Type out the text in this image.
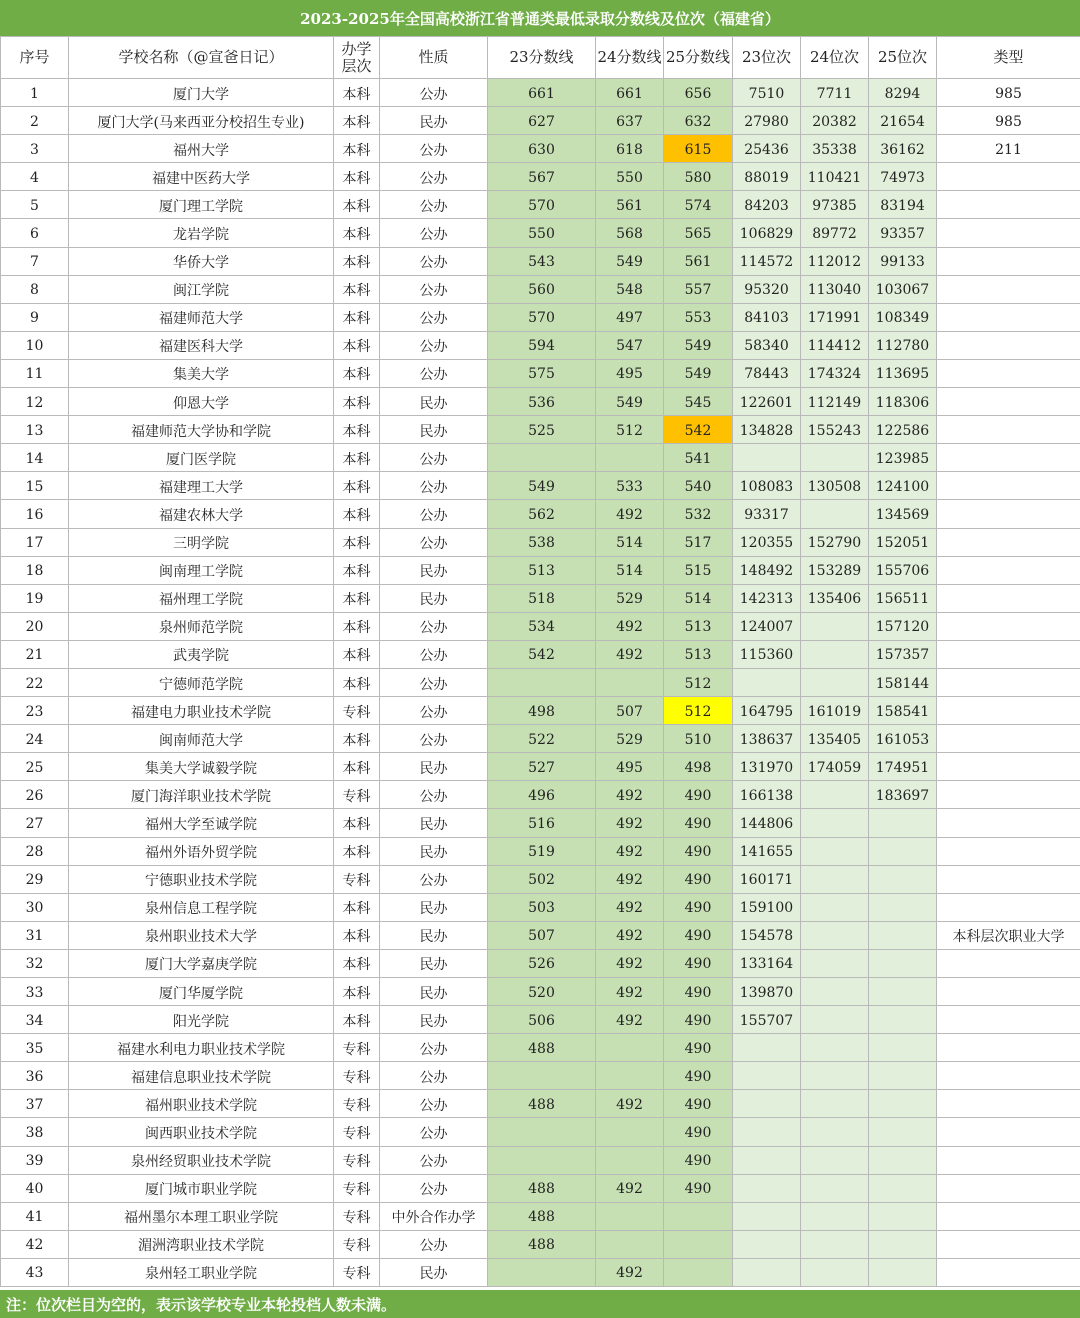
2023-2025年全国高校浙江省普通类最低录取分数线及位次（福建省）
序号	学校名称（@宣爸日记）	办学
层次	性质	23分数线	24分数线	25分数线	23位次	24位次	25位次	类型
1	厦门大学	本科	公办	661	661	656	7510	7711	8294	985
2	厦门大学(马来西亚分校招生专业)	本科	民办	627	637	632	27980	20382	21654	985
3	福州大学	本科	公办	630	618	615	25436	35338	36162	211
4	福建中医药大学	本科	公办	567	550	580	88019	110421	74973	
5	厦门理工学院	本科	公办	570	561	574	84203	97385	83194	
6	龙岩学院	本科	公办	550	568	565	106829	89772	93357	
7	华侨大学	本科	公办	543	549	561	114572	112012	99133	
8	闽江学院	本科	公办	560	548	557	95320	113040	103067	
9	福建师范大学	本科	公办	570	497	553	84103	171991	108349	
10	福建医科大学	本科	公办	594	547	549	58340	114412	112780	
11	集美大学	本科	公办	575	495	549	78443	174324	113695	
12	仰恩大学	本科	民办	536	549	545	122601	112149	118306	
13	福建师范大学协和学院	本科	民办	525	512	542	134828	155243	122586	
14	厦门医学院	本科	公办			541			123985	
15	福建理工大学	本科	公办	549	533	540	108083	130508	124100	
16	福建农林大学	本科	公办	562	492	532	93317		134569	
17	三明学院	本科	公办	538	514	517	120355	152790	152051	
18	闽南理工学院	本科	民办	513	514	515	148492	153289	155706	
19	福州理工学院	本科	民办	518	529	514	142313	135406	156511	
20	泉州师范学院	本科	公办	534	492	513	124007		157120	
21	武夷学院	本科	公办	542	492	513	115360		157357	
22	宁德师范学院	本科	公办			512			158144	
23	福建电力职业技术学院	专科	公办	498	507	512	164795	161019	158541	
24	闽南师范大学	本科	公办	522	529	510	138637	135405	161053	
25	集美大学诚毅学院	本科	民办	527	495	498	131970	174059	174951	
26	厦门海洋职业技术学院	专科	公办	496	492	490	166138		183697	
27	福州大学至诚学院	本科	民办	516	492	490	144806			
28	福州外语外贸学院	本科	民办	519	492	490	141655			
29	宁德职业技术学院	专科	公办	502	492	490	160171			
30	泉州信息工程学院	本科	民办	503	492	490	159100			
31	泉州职业技术大学	本科	民办	507	492	490	154578			本科层次职业大学
32	厦门大学嘉庚学院	本科	民办	526	492	490	133164			
33	厦门华厦学院	本科	民办	520	492	490	139870			
34	阳光学院	本科	民办	506	492	490	155707			
35	福建水利电力职业技术学院	专科	公办	488		490				
36	福建信息职业技术学院	专科	公办			490				
37	福州职业技术学院	专科	公办	488	492	490				
38	闽西职业技术学院	专科	公办			490				
39	泉州经贸职业技术学院	专科	公办			490				
40	厦门城市职业学院	专科	公办	488	492	490				
41	福州墨尔本理工职业学院	专科	中外合作办学	488						
42	湄洲湾职业技术学院	专科	公办	488						
43	泉州轻工职业学院	专科	民办		492					
注：位次栏目为空的，表示该学校专业本轮投档人数未满。
